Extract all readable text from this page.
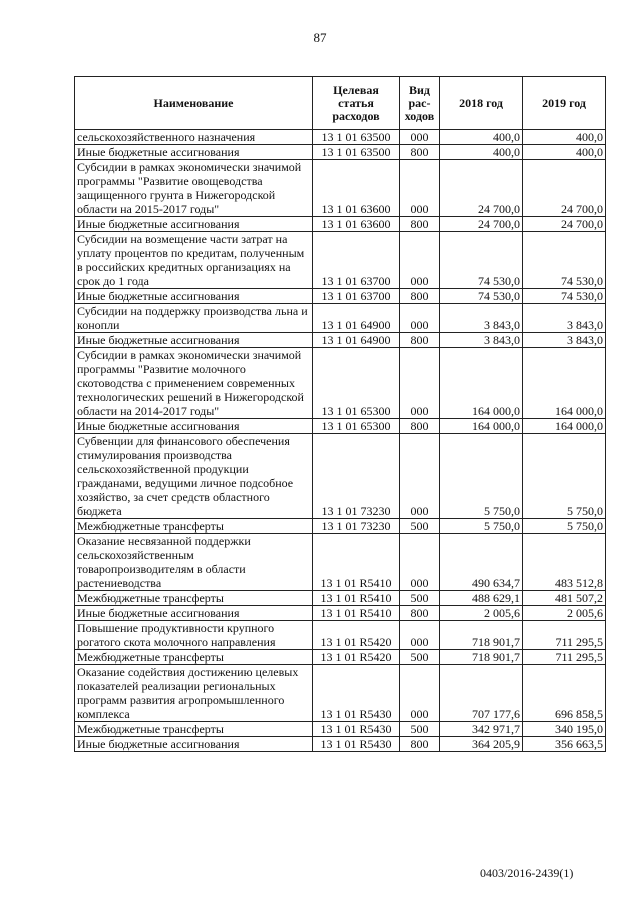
87
Наименование	Целевая статья расходов	Вид рас-ходов	2018 год	2019 год
сельскохозяйственного назначения	13 1 01 63500	000	400,0	400,0
Иные бюджетные ассигнования	13 1 01 63500	800	400,0	400,0
Субсидии в рамках экономически значимой программы "Развитие овощеводства защищенного грунта в Нижегородской области на 2015-2017 годы"	13 1 01 63600	000	24 700,0	24 700,0
Иные бюджетные ассигнования	13 1 01 63600	800	24 700,0	24 700,0
Субсидии на возмещение части затрат на уплату процентов по кредитам, полученным в российских кредитных организациях на срок до 1 года	13 1 01 63700	000	74 530,0	74 530,0
Иные бюджетные ассигнования	13 1 01 63700	800	74 530,0	74 530,0
Субсидии на поддержку производства льна и конопли	13 1 01 64900	000	3 843,0	3 843,0
Иные бюджетные ассигнования	13 1 01 64900	800	3 843,0	3 843,0
Субсидии в рамках экономически значимой программы "Развитие молочного скотоводства с применением современных технологических решений в Нижегородской области на 2014-2017 годы"	13 1 01 65300	000	164 000,0	164 000,0
Иные бюджетные ассигнования	13 1 01 65300	800	164 000,0	164 000,0
Субвенции для финансового обеспечения стимулирования производства сельскохозяйственной продукции гражданами, ведущими личное подсобное хозяйство, за счет средств областного бюджета	13 1 01 73230	000	5 750,0	5 750,0
Межбюджетные трансферты	13 1 01 73230	500	5 750,0	5 750,0
Оказание несвязанной поддержки сельскохозяйственным товаропроизводителям в области растениеводства	13 1 01 R5410	000	490 634,7	483 512,8
Межбюджетные трансферты	13 1 01 R5410	500	488 629,1	481 507,2
Иные бюджетные ассигнования	13 1 01 R5410	800	2 005,6	2 005,6
Повышение продуктивности крупного рогатого скота молочного направления	13 1 01 R5420	000	718 901,7	711 295,5
Межбюджетные трансферты	13 1 01 R5420	500	718 901,7	711 295,5
Оказание содействия достижению целевых показателей реализации региональных программ развития агропромышленного комплекса	13 1 01 R5430	000	707 177,6	696 858,5
Межбюджетные трансферты	13 1 01 R5430	500	342 971,7	340 195,0
Иные бюджетные ассигнования	13 1 01 R5430	800	364 205,9	356 663,5
0403/2016-2439(1)
